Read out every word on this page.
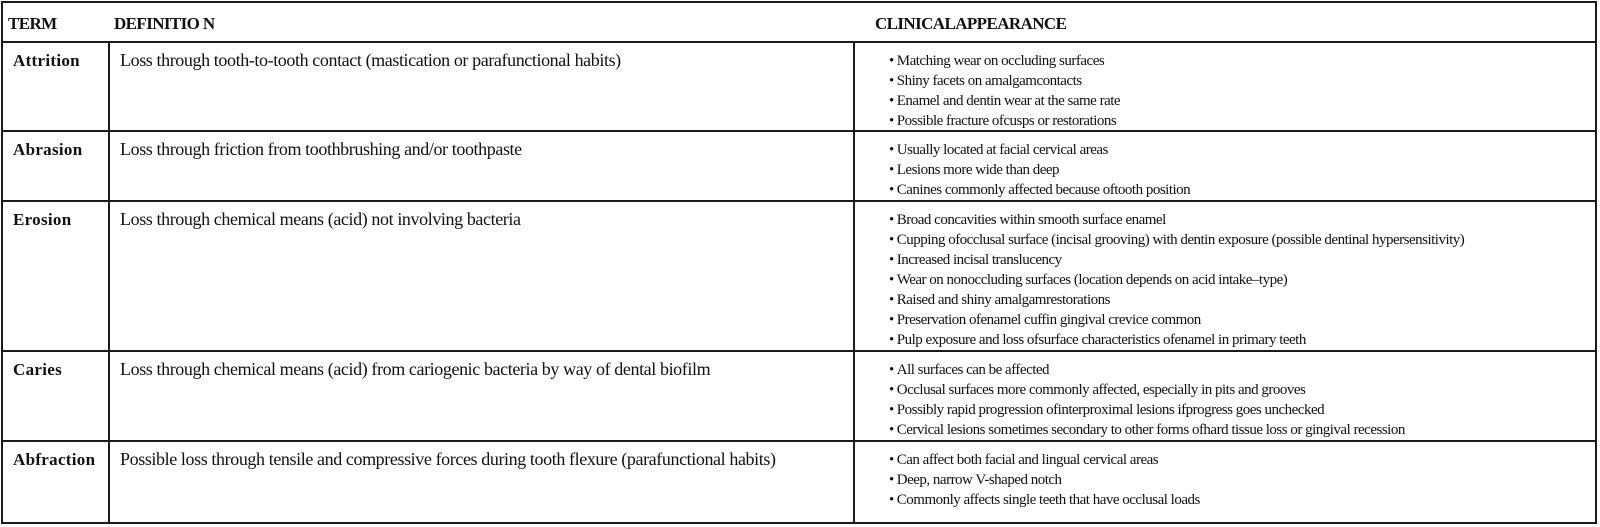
TERM	DEFINITIO N	CLINICALAPPEARANCE
Attrition Loss through tooth-to-tooth contact (mastication or parafunctional habits)	• Matching wear on occluding surfaces
• Shiny facets on amalgamcontacts
• Enamel and dentin wear at the same rate
• Possible fracture ofcusps or restorations
Abrasion Loss through friction from toothbrushing and/or toothpaste	• Usually located at facial cervical areas
• Lesions more wide than deep
• Canines commonly affected because oftooth position
Erosion	Loss through chemical means (acid) not involving bacteria	• Broad concavities within smooth surface enamel
• Cupping ofocclusal surface (incisal grooving) with dentin exposure (possible dentinal hypersensitivity)
• Increased incisal translucency
• Wear on nonoccluding surfaces (location depends on acid intake–type)
• Raised and shiny amalgamrestorations
• Preservation ofenamel cuffin gingival crevice common
• Pulp exposure and loss ofsurface characteristics ofenamel in primary teeth
Caries	Loss through chemical means (acid) from cariogenic bacteria by way of dental biofilm	• All surfaces can be affected
• Occlusal surfaces more commonly affected, especially in pits and grooves
• Possibly rapid progression ofinterproximal lesions ifprogress goes unchecked
• Cervical lesions sometimes secondary to other forms ofhard tissue loss or gingival recession
Abfraction Possible loss through tensile and compressive forces during tooth flexure (parafunctional habits)	• Can affect both facial and lingual cervical areas
• Deep, narrow V-shaped notch
• Commonly affects single teeth that have occlusal loads
